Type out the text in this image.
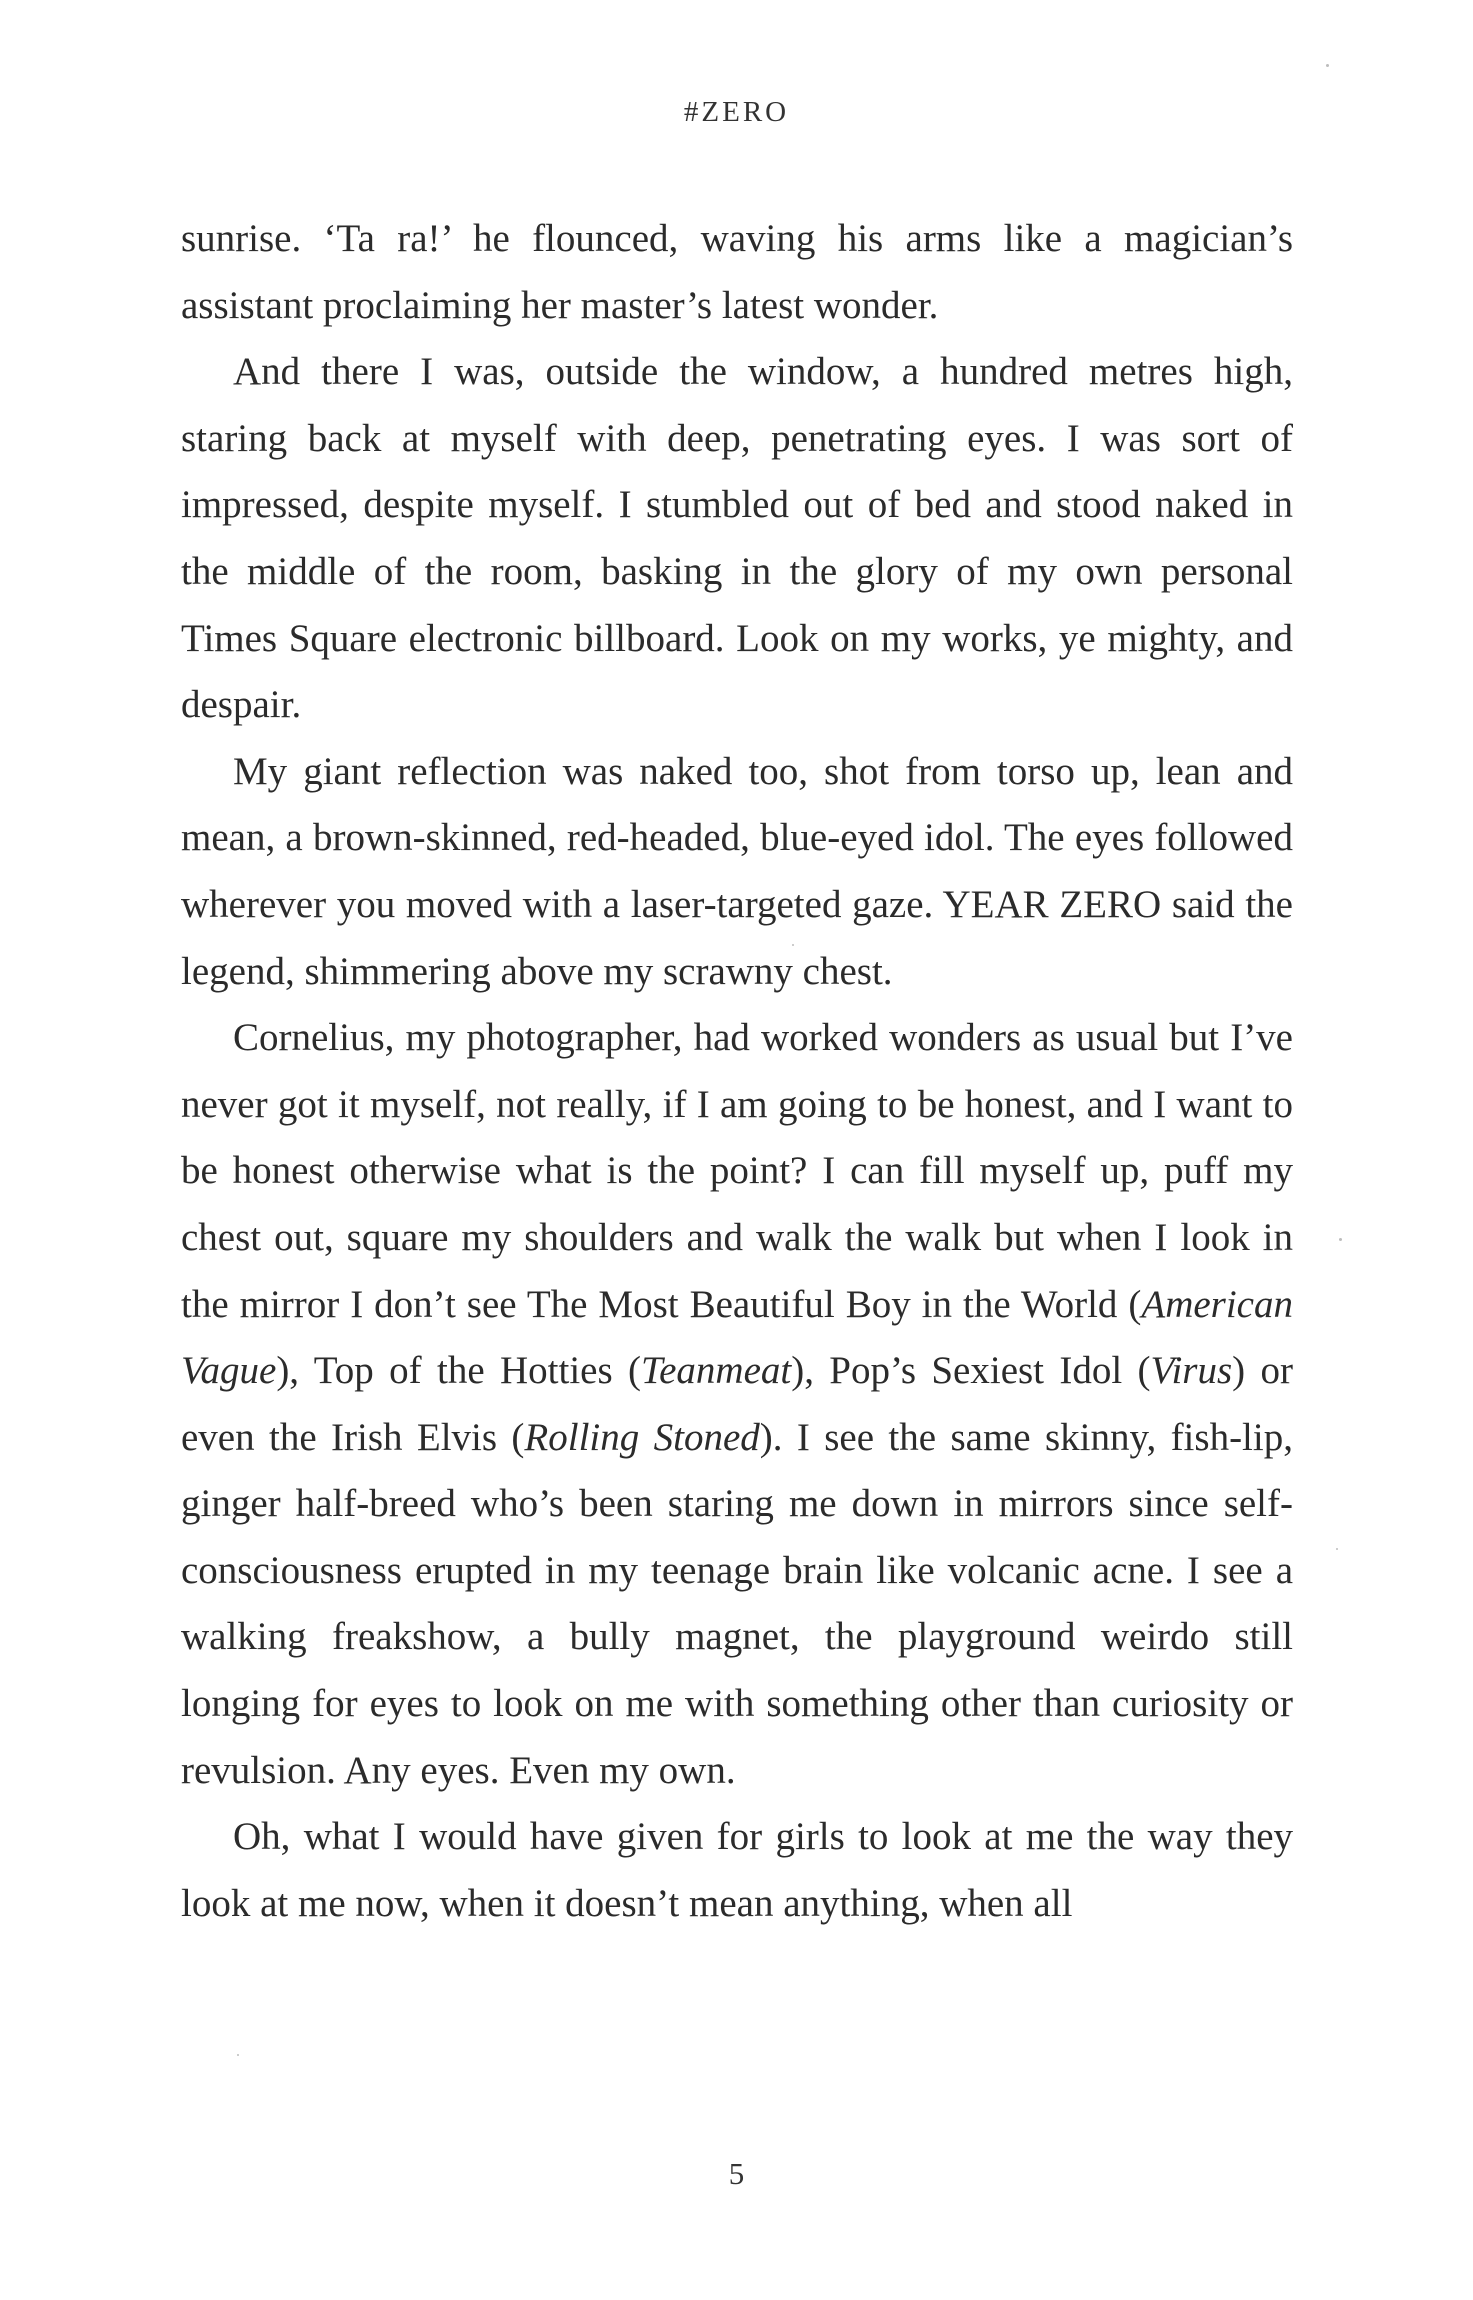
#ZERO

sunrise. ‘Ta ra!’ he flounced, waving his arms like a magician’s assistant proclaiming her master’s latest wonder.

And there I was, outside the window, a hundred metres high, staring back at myself with deep, penetrating eyes. I was sort of impressed, despite myself. I stumbled out of bed and stood naked in the middle of the room, basking in the glory of my own personal Times Square electronic billboard. Look on my works, ye mighty, and despair.

My giant reflection was naked too, shot from torso up, lean and mean, a brown-skinned, red-headed, blue-eyed idol. The eyes followed wherever you moved with a laser-targeted gaze. YEAR ZERO said the legend, shimmering above my scrawny chest.

Cornelius, my photographer, had worked wonders as usual but I’ve never got it myself, not really, if I am going to be honest, and I want to be honest otherwise what is the point? I can fill myself up, puff my chest out, square my shoulders and walk the walk but when I look in the mirror I don’t see The Most Beautiful Boy in the World (American Vague), Top of the Hotties (Teanmeat), Pop’s Sexiest Idol (Virus) or even the Irish Elvis (Rolling Stoned). I see the same skinny, fish-lip, ginger half-breed who’s been staring me down in mirrors since self-consciousness erupted in my teenage brain like volcanic acne. I see a walking freakshow, a bully magnet, the playground weirdo still longing for eyes to look on me with something other than curiosity or revulsion. Any eyes. Even my own.

Oh, what I would have given for girls to look at me the way they look at me now, when it doesn’t mean anything, when all

5
